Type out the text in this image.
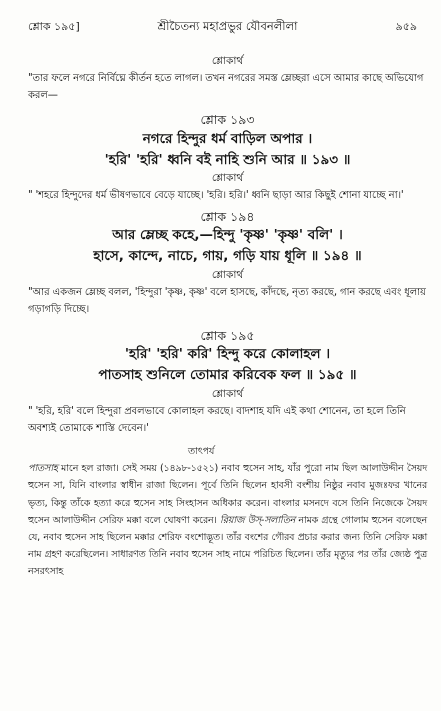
শ্লোক ১৯৫]	শ্রীচৈতন্য মহাপ্রভুর যৌবনলীলা	৯৫৯

শ্লোকার্থ

"তার ফলে নগরে নির্বিঘ্নে কীর্তন হতে লাগল। তখন নগরের সমস্ত ম্লেচ্ছরা এসে আমার কাছে অভিযোগ করল—

শ্লোক ১৯৩

নগরে হিন্দুর ধর্ম বাড়িল অপার ।

'হরি' 'হরি' ধ্বনি বই নাহি শুনি আর ॥ ১৯৩ ॥

শ্লোকার্থ

" 'শহরে হিন্দুদের ধর্ম ভীষণভাবে বেড়ে যাচ্ছে। 'হরি। হরি।' ধ্বনি ছাড়া আর কিছুই শোনা যাচ্ছে না।'

শ্লোক ১৯৪

আর ম্লেচ্ছ কহে,—হিন্দু 'কৃষ্ণ' 'কৃষ্ণ' বলি' ।

হাসে, কান্দে, নাচে, গায়, গড়ি যায় ধূলি ॥ ১৯৪ ॥

শ্লোকার্থ

"আর একজন ম্লেচ্ছ বলল, 'হিন্দুরা 'কৃষ্ণ, কৃষ্ণ' বলে হাসছে, কাঁদছে, নৃত্য করছে, গান করছে এবং ধূলায় গড়াগড়ি দিচ্ছে।

শ্লোক ১৯৫

'হরি' 'হরি' করি' হিন্দু করে কোলাহল ।

পাতসাহ শুনিলে তোমার করিবেক ফল ॥ ১৯৫ ॥

শ্লোকার্থ

" 'হরি, হরি' বলে হিন্দুরা প্রবলভাবে কোলাহল করছে। বাদশাহ যদি এই কথা শোনেন, তা হলে তিনি অবশ্যই তোমাকে শাস্তি দেবেন।'

তাৎপর্য

পাতসাহ মানে হল রাজা। সেই সময় (১৪৯৮-১৫২১) নবাব হুসেন সাহ, যাঁর পুরো নাম ছিল আলাউদ্দীন সৈয়দ হুসেন সা, যিনি বাংলার স্বাধীন রাজা ছিলেন। পূর্বে তিনি ছিলেন হাবসী বংশীয় নিষ্ঠুর নবাব মুজঃফর খানের ভৃত্য, কিন্তু তাঁকে হত্যা করে হুসেন সাহ সিংহাসন অধিকার করেন। বাংলার মসনদে বসে তিনি নিজেকে সৈয়দ হুসেন আলাউদ্দীন সেরিফ মক্কা বলে ঘোষণা করেন। রিয়াজ উস্-সলাতিন নামক গ্রন্থে গোলাম হুসেন বলেছেন যে, নবাব হুসেন সাহ ছিলেন মক্কার শেরিফ বংশোদ্ভূত। তাঁর বংশের গৌরব প্রচার করার জন্য তিনি সেরিফ মক্কা নাম গ্রহণ করেছিলেন। সাধারণত তিনি নবাব হুসেন সাহ নামে পরিচিত ছিলেন। তাঁর মৃত্যুর পর তাঁর জ্যেষ্ঠ পুত্র নসরৎসাহ
